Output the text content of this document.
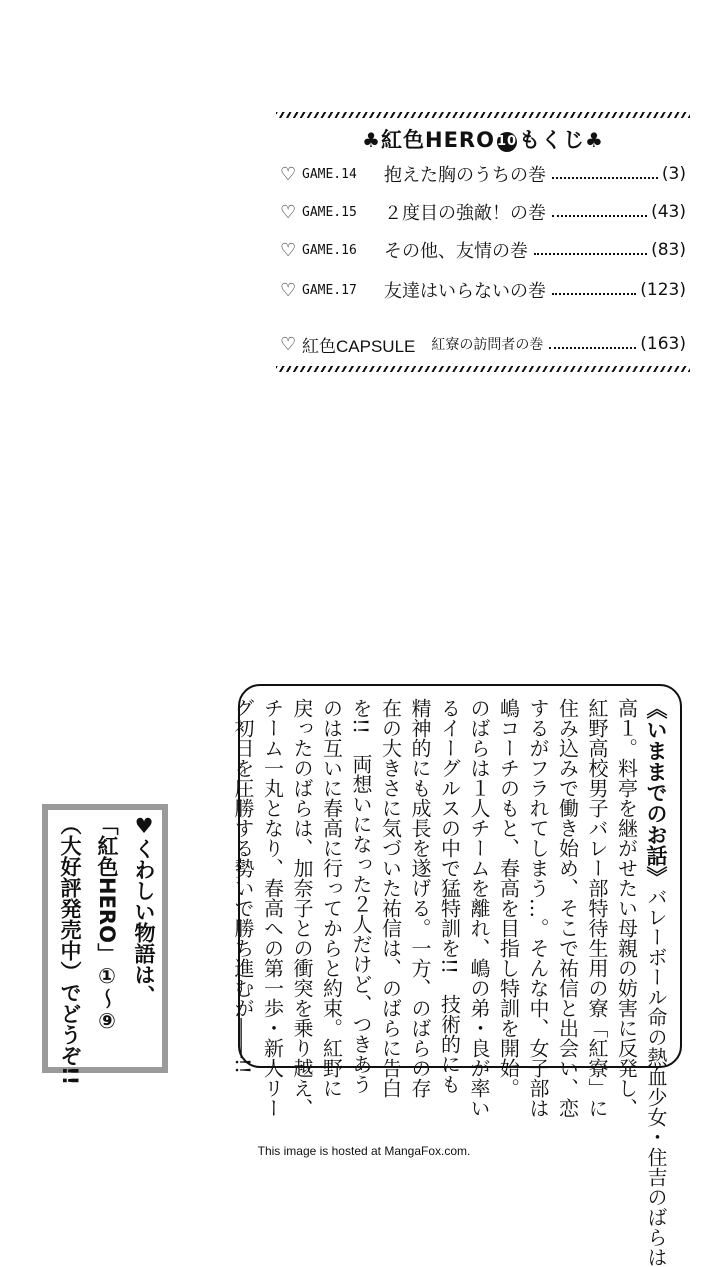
♣紅色HERO 10もくじ♣
♡ GAME.14	抱えた胸のうちの巻	(3)
♡ GAME.15	２度目の強敵！の巻	(43)
♡ GAME.16	その他、友情の巻	(83)
♡ GAME.17	友達はいらないの巻	(123)
♡ 紅色CAPSULE 紅寮の訪問者の巻	(163)
《いままでのお話》バレーボール命の熱血少女・住吉のばらは
高１。料亭を継がせたい母親の妨害に反発し、
紅野高校男子バレー部特待生用の寮「紅寮」に
住み込みで働き始め、そこで祐信と出会い、恋
するがフラれてしまう…。そんな中、女子部は
嶋コーチのもと、春高を目指し特訓を開始。
のばらは１人チームを離れ、嶋の弟・良が率い
るイーグルスの中で猛特訓を!!　技術的にも
精神的にも成長を遂げる。一方、のばらの存
在の大きさに気づいた祐信は、のばらに告白
を!!　両想いになった２人だけど、つきあう
のは互いに春高に行ってからと約束。紅野に
戻ったのばらは、加奈子との衝突を乗り越え、
チーム一丸となり、春高への第一歩・新人リー
グ初日を圧勝する勢いで勝ち進むが――!!
♥くわしい物語は、
「紅色HERO」①〜⑨
（大好評発売中）でどうぞ!!
This image is hosted at MangaFox.com.
